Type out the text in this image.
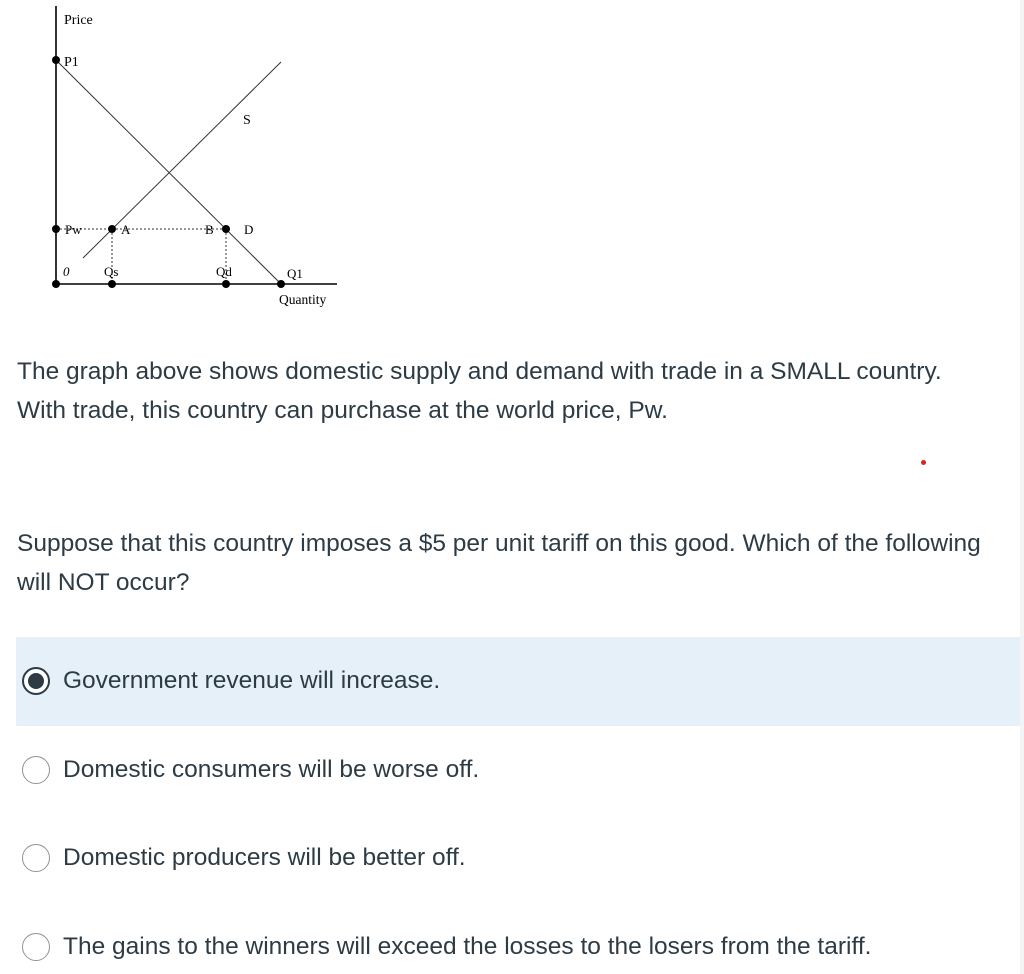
Price
P1
S
Pw	A	B D
0	Qs	Qd	Q1
Quantity

The graph above shows domestic supply and demand with trade in a SMALL country. With trade, this country can purchase at the world price, Pw.

Suppose that this country imposes a $5 per unit tariff on this good. Which of the following will NOT occur?

Government revenue will increase.
Domestic consumers will be worse off.
Domestic producers will be better off.
The gains to the winners will exceed the losses to the losers from the tariff.
